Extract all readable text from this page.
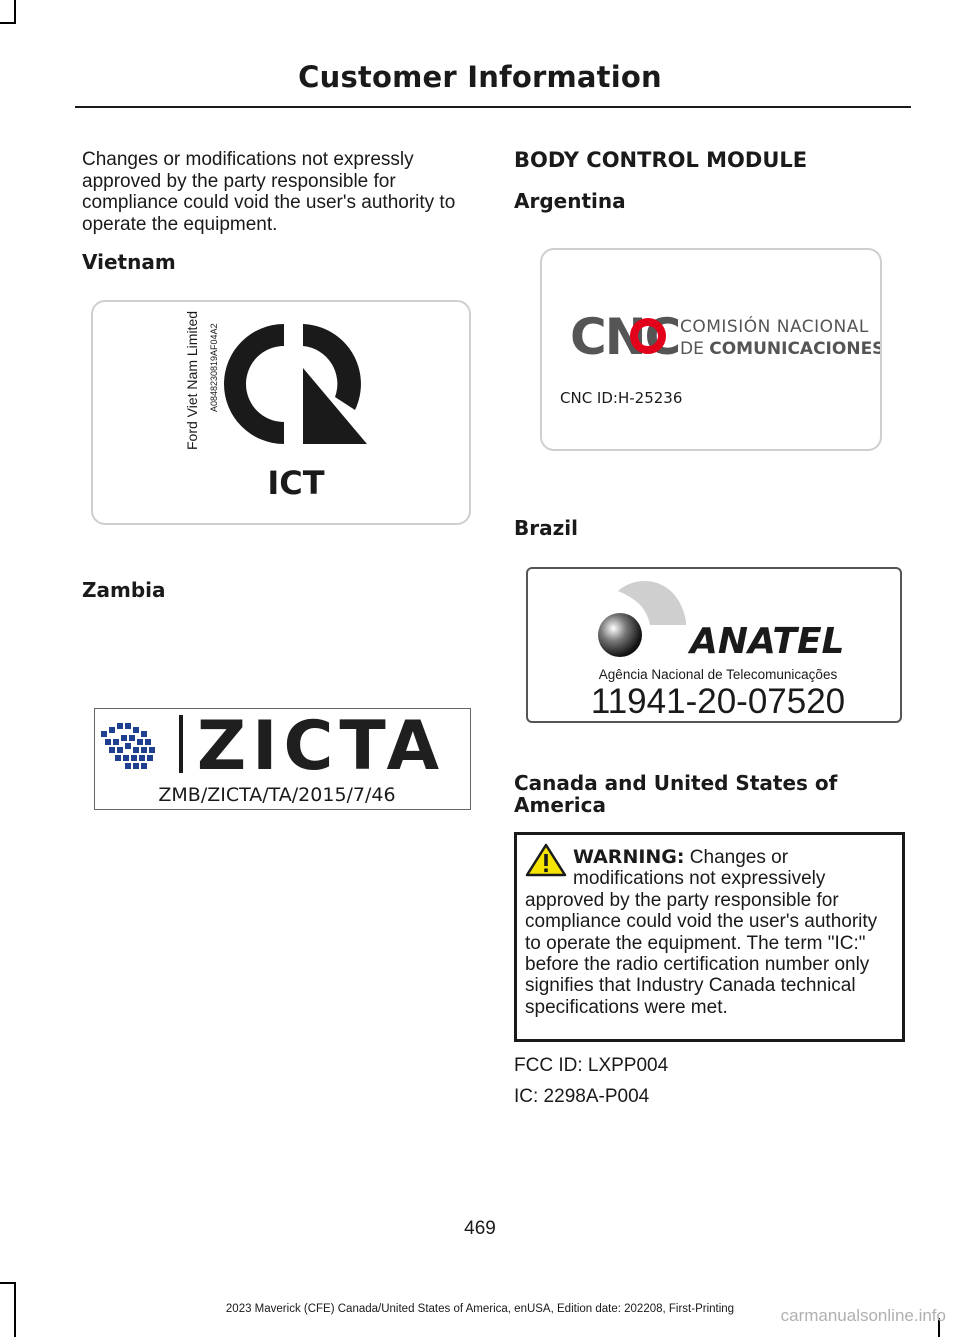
Customer Information

Changes or modifications not expressly approved by the party responsible for compliance could void the user's authority to operate the equipment.

Vietnam
Ford Viet Nam Limited A0848230819AF04A2
ICT
Zambia
ZICTA
ZMB/ZICTA/TA/2015/7/46
BODY CONTROL MODULE
Argentina
CNC COMISIÓN NACIONAL
DE COMUNICACIONES
CNC ID:H-25236
Brazil
ANATEL
Agência Nacional de Telecomunicações
11941-20-07520
Canada and United States of America
WARNING: Changes or modifications not expressively approved by the party responsible for compliance could void the user's authority to operate the equipment. The term "IC:" before the radio certification number only signifies that Industry Canada technical specifications were met.

FCC ID: LXPP004

IC: 2298A-P004

469
2023 Maverick (CFE) Canada/United States of America, enUSA, Edition date: 202208, First-Printing	carmanualsonline.info
